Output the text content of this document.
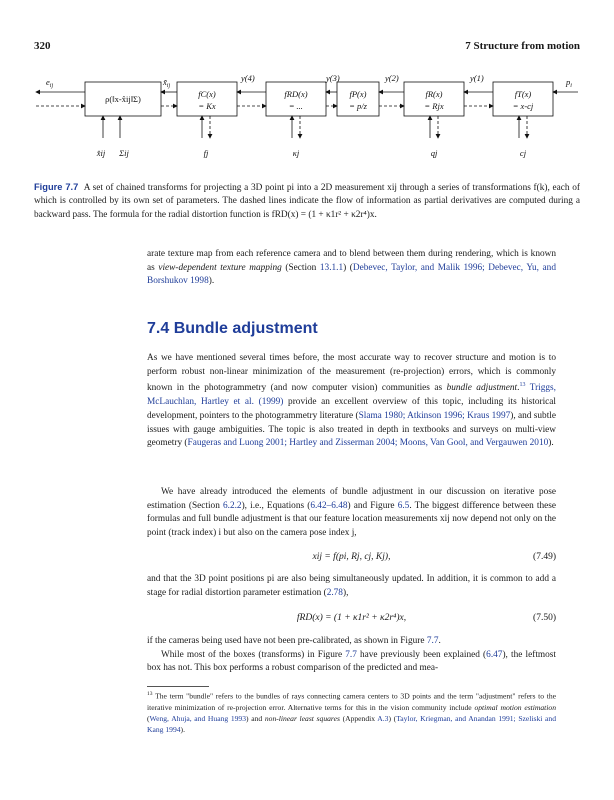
320	7 Structure from motion
ρ(‖x-x̂ij‖Σ)	fC(x)
= Kx
fRD(x)
= ...
fP(x)
= p/z
fR(x)
= Rjx
fT(x)
= x-cj
$e_{ij}$	$x̃_{ij}$
y(4)	y(3)	y(2)	y(1)	$p_i$
x̂ij Σij	fj	κj	qj	cj
Figure 7.7 A set of chained transforms for projecting a 3D point pi into a 2D measurement xij through a series of transformations f(k), each of which is controlled by its own set of parameters. The dashed lines indicate the flow of information as partial derivatives are computed during a backward pass. The formula for the radial distortion function is fRD(x) = (1 + κ1r² + κ2r⁴)x.

arate texture map from each reference camera and to blend between them during rendering, which is known as view-dependent texture mapping (Section 13.1.1) (Debevec, Taylor, and Malik 1996; Debevec, Yu, and Borshukov 1998).

7.4 Bundle adjustment

As we have mentioned several times before, the most accurate way to recover structure and motion is to perform robust non-linear minimization of the measurement (re-projection) errors, which is commonly known in the photogrammetry (and now computer vision) communities as bundle adjustment.$^{13}$ Triggs, McLauchlan, Hartley et al. (1999) provide an excellent overview of this topic, including its historical development, pointers to the photogrammetry literature (Slama 1980; Atkinson 1996; Kraus 1997), and subtle issues with gauge ambiguities. The topic is also treated in depth in textbooks and surveys on multi-view geometry (Faugeras and Luong 2001; Hartley and Zisserman 2004; Moons, Van Gool, and Vergauwen 2010).

We have already introduced the elements of bundle adjustment in our discussion on iterative pose estimation (Section 6.2.2), i.e., Equations (6.42–6.48) and Figure 6.5. The biggest difference between these formulas and full bundle adjustment is that our feature location measurements xij now depend not only on the point (track index) i but also on the camera pose index j,

xij = f(pi, Rj, cj, Kj),	(7.49)

and that the 3D point positions pi are also being simultaneously updated. In addition, it is common to add a stage for radial distortion parameter estimation (2.78),

fRD(x) = (1 + κ1r² + κ2r⁴)x,	(7.50)

if the cameras being used have not been pre-calibrated, as shown in Figure 7.7.

While most of the boxes (transforms) in Figure 7.7 have previously been explained (6.47), the leftmost box has not. This box performs a robust comparison of the predicted and mea-

$^{13}$ The term "bundle" refers to the bundles of rays connecting camera centers to 3D points and the term "adjustment" refers to the iterative minimization of re-projection error. Alternative terms for this in the vision community include optimal motion estimation (Weng, Ahuja, and Huang 1993) and non-linear least squares (Appendix A.3) (Taylor, Kriegman, and Anandan 1991; Szeliski and Kang 1994).
